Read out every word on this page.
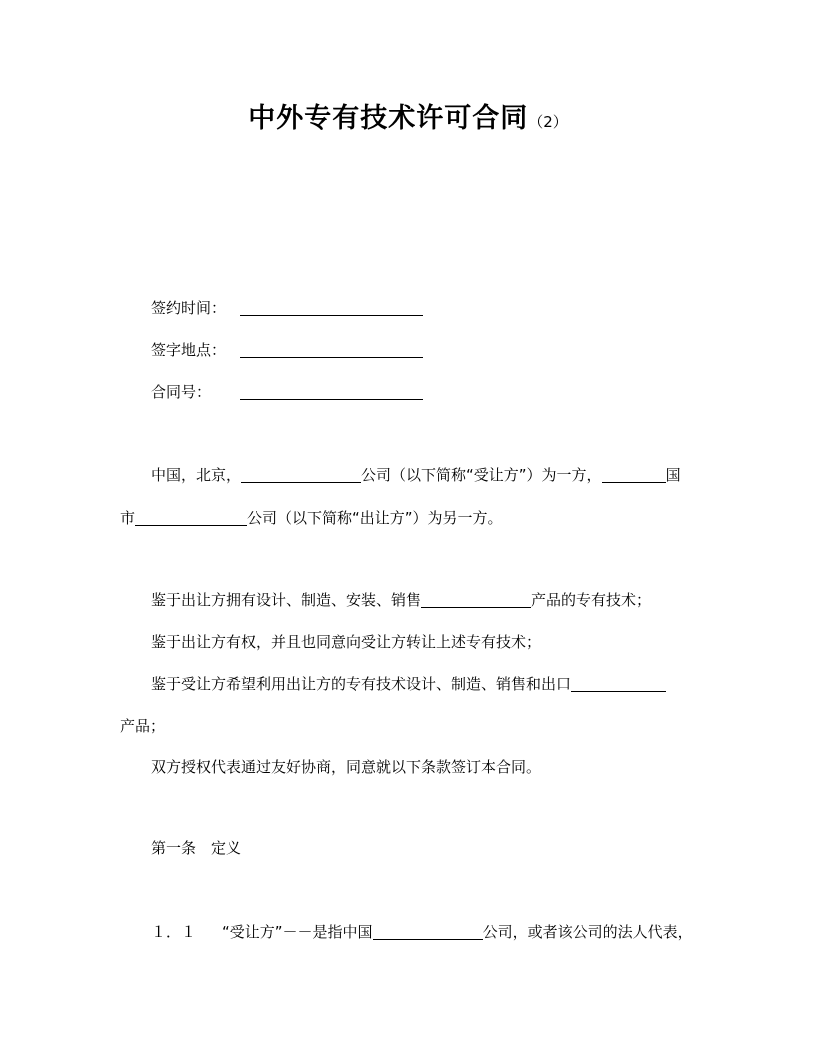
中外专有技术许可合同（2）
签约时间：
签字地点：
合同号：
中国，北京，	公司（以下简称“受让方”）为一方，	国
市	公司（以下简称“出让方”）为另一方。
鉴于出让方拥有设计、制造、安装、销售	产品的专有技术；
鉴于出让方有权，并且也同意向受让方转让上述专有技术；
鉴于受让方希望利用出让方的专有技术设计、制造、销售和出口
产品；
双方授权代表通过友好协商，同意就以下条款签订本合同。
第一条　定义
１．１ “受让方”－－是指中国	公司，或者该公司的法人代表，
